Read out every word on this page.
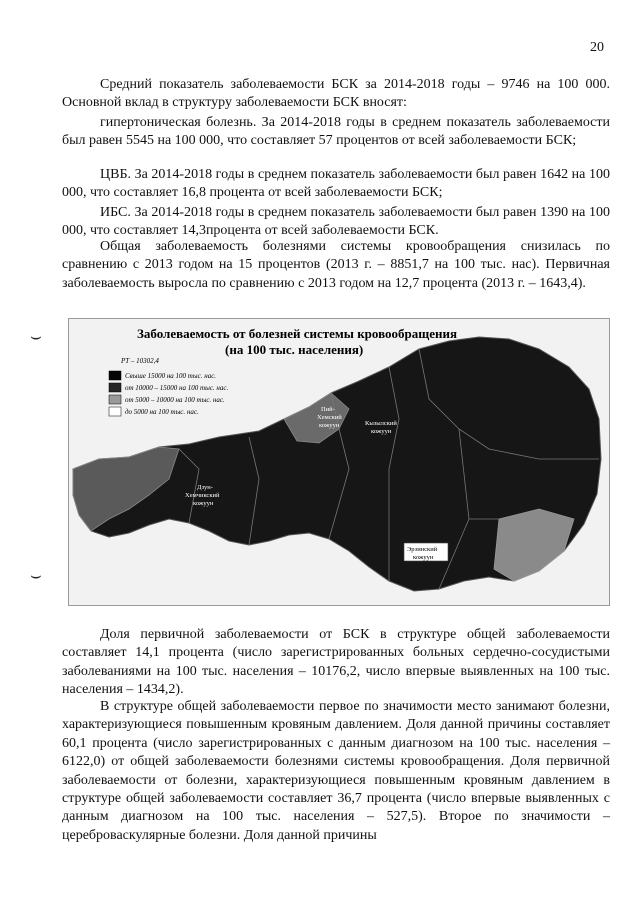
20

Средний показатель заболеваемости БСК за 2014-2018 годы – 9746 на 100 000. Основной вклад в структуру заболеваемости БСК вносят:

гипертоническая болезнь. За 2014-2018 годы в среднем показатель заболеваемости был равен 5545 на 100 000, что составляет 57 процентов от всей заболеваемости БСК;

ЦВБ. За 2014-2018 годы в среднем показатель заболеваемости был равен 1642 на 100 000, что составляет 16,8 процента от всей заболеваемости БСК;

ИБС. За 2014-2018 годы в среднем показатель заболеваемости был равен 1390 на 100 000, что составляет 14,3процента от всей заболеваемости БСК.

Общая заболеваемость болезнями системы кровообращения снизилась по сравнению с 2013 годом на 15 процентов (2013 г. – 8851,7 на 100 тыс. нас). Первичная заболеваемость выросла по сравнению с 2013 годом на 12,7 процента (2013 г. – 1643,4).

⌣
⌣
Заболеваемость от болезней системы кровообращения
(на 100 тыс. населения)
РТ – 10302,4
Свыше 15000 на 100 тыс. нас.
от 10000 – 15000 на 100 тыс. нас.
от 5000 – 10000 на 100 тыс. нас.
до 5000 на 100 тыс. нас.	Пий-
Хемский
кожуун	Кызылский
кожуун
Дзун-
Хемчикский
кожуун
Эрзинский
кожуун

Доля первичной заболеваемости от БСК в структуре общей заболеваемости составляет 14,1 процента (число зарегистрированных больных сердечно-сосудистыми заболеваниями на 100 тыс. населения – 10176,2, число впервые выявленных на 100 тыс. населения – 1434,2).

В структуре общей заболеваемости первое по значимости место занимают болезни, характеризующиеся повышенным кровяным давлением. Доля данной причины составляет 60,1 процента (число зарегистрированных с данным диагнозом на 100 тыс. населения – 6122,0) от общей заболеваемости болезнями системы кровообращения. Доля первичной заболеваемости от болезни, характеризующиеся повышенным кровяным давлением в структуре общей заболеваемости составляет 36,7 процента (число впервые выявленных с данным диагнозом на 100 тыс. населения – 527,5). Второе по значимости – цереброваскулярные болезни. Доля данной причины
